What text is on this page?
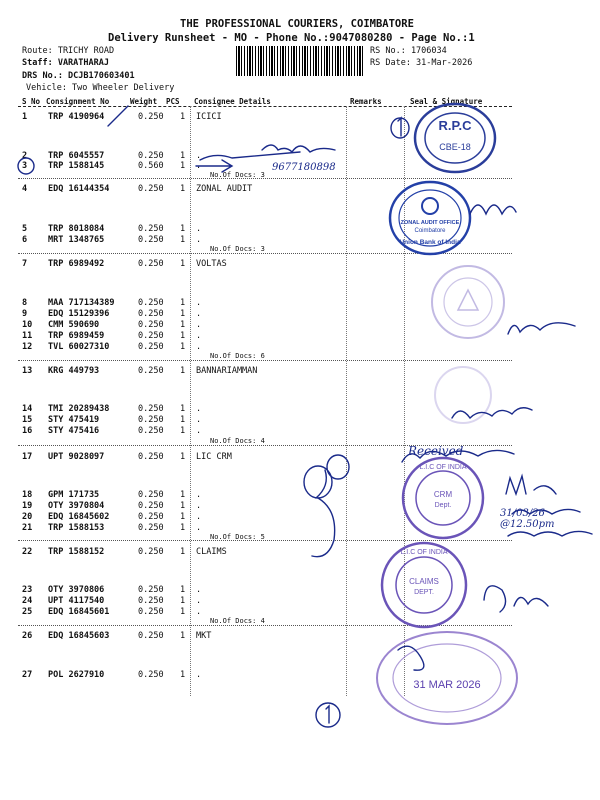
THE PROFESSIONAL COURIERS, COIMBATORE
Delivery Runsheet - MO - Phone No.:9047080280 - Page No.:1
Route: TRICHY ROAD
Staff: VARATHARAJ
DRS No.: DCJB170603401
Vehicle: Two Wheeler Delivery
RS No.: 1706034
RS Date: 31-Mar-2026
S No Consignment No	Weight PCS Consignee Details	Remarks	Seal & Signature
1 TRP 4190964	0.250 1 ICICI
2 TRP 6045557	0.250 1 .
3 TRP 1588145	0.560 1 .
4 EDQ 16144354	0.250 1 ZONAL AUDIT
5 TRP 8018084	0.250 1 .
6 MRT 1348765	0.250 1 .
7 TRP 6989492	0.250 1 VOLTAS
8 MAA 717134389	0.250 1 .
9 EDQ 15129396	0.250 1 .
10 CMM 590690	0.250 1 .
11 TRP 6989459	0.250 1 .
12 TVL 60027310	0.250 1 .
13 KRG 449793	0.250 1 BANNARIAMMAN
14 TMI 20289438	0.250 1 .
15 STY 475419	0.250 1 .
16 STY 475416	0.250 1 .
17 UPT 9028097	0.250 1 LIC CRM
18 GPM 171735	0.250 1 .
19 OTY 3970804	0.250 1 .
20 EDQ 16845602	0.250 1 .
21 TRP 1588153	0.250 1 .
22 TRP 1588152	0.250 1 CLAIMS
23 OTY 3970806	0.250 1 .
24 UPT 4117540	0.250 1 .
25 EDQ 16845601	0.250 1 .
26 EDQ 16845603	0.250 1 MKT
27 POL 2627910	0.250 1 .
No.Of Docs: 3
No.Of Docs: 3
No.Of Docs: 6
No.Of Docs: 4
No.Of Docs: 5
No.Of Docs: 4
R.P.C
CBE-18
ZONAL AUDIT OFFICE
Coimbatore
Union Bank of India
L.I.C OF INDIA
CRM
Dept.
L.I.C OF INDIA
CLAIMS
DEPT.
31 MAR 2026
9677180898
Received
31/03/26 @12.50pm
